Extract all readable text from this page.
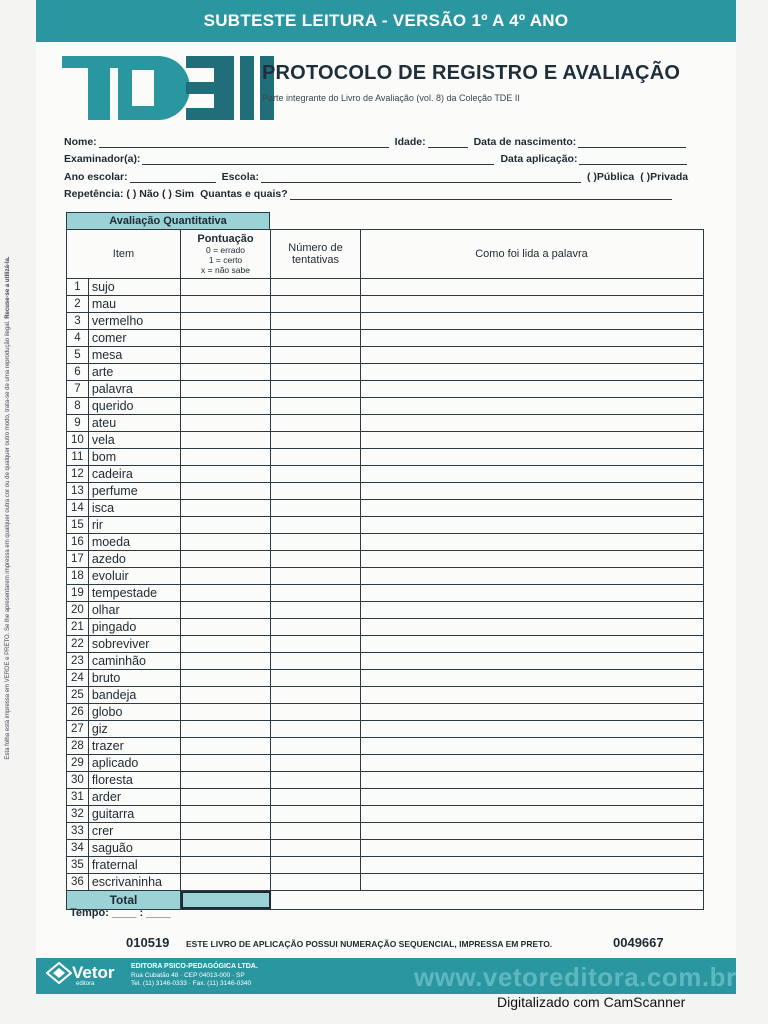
SUBTESTE LEITURA - VERSÃO 1º A 4º ANO
PROTOCOLO DE REGISTRO E AVALIAÇÃO
Parte integrante do Livro de Avaliação (vol. 8) da Coleção TDE II
Nome:	Idade:	Data de nascimento:
Examinador(a):	Data aplicação:
Ano escolar:	Escola:	( )Pública ( )Privada
Repetência: ( ) Não ( ) Sim Quantas e quais?
Avaliação Quantitativa
Item
Pontuação
0 = errado
1 = certo
x = não sabe
Número de tentativas	Como foi lida a palavra
1 sujo
2 mau
3 vermelho
4 comer
5 mesa
6 arte
7 palavra
8 querido
9 ateu
10 vela
11 bom
12 cadeira
13 perfume
14 isca
15 rir
16 moeda
17 azedo
18 evoluir
19 tempestade
20 olhar
21 pingado
22 sobreviver
23 caminhão
24 bruto
25 bandeja
26 globo
27 giz
28 trazer
29 aplicado
30 floresta
31 arder
32 guitarra
33 crer
34 saguão
35 fraternal
36 escrivaninha
Total
Tempo: ____ : ____
010519 ESTE LIVRO DE APLICAÇÃO POSSUI NUMERAÇÃO SEQUENCIAL, IMPRESSA EM PRETO.	0049667
Vetor
editora
EDITORA PSICO-PEDAGÓGICA LTDA.
Rua Cubatão 48 · CEP 04013-000 · SP
Tel. (11) 3146-0333 · Fax. (11) 3146-0340	www.vetoreditora.com.br
Esta folha está impressa em VERDE e PRETO. Se lhe apresentarem impressa em qualquer outra cor ou de qualquer outro modo, trata-se de uma reprodução ilegal. Recuse-se a utilizá-la.
Digitalizado com CamScanner
